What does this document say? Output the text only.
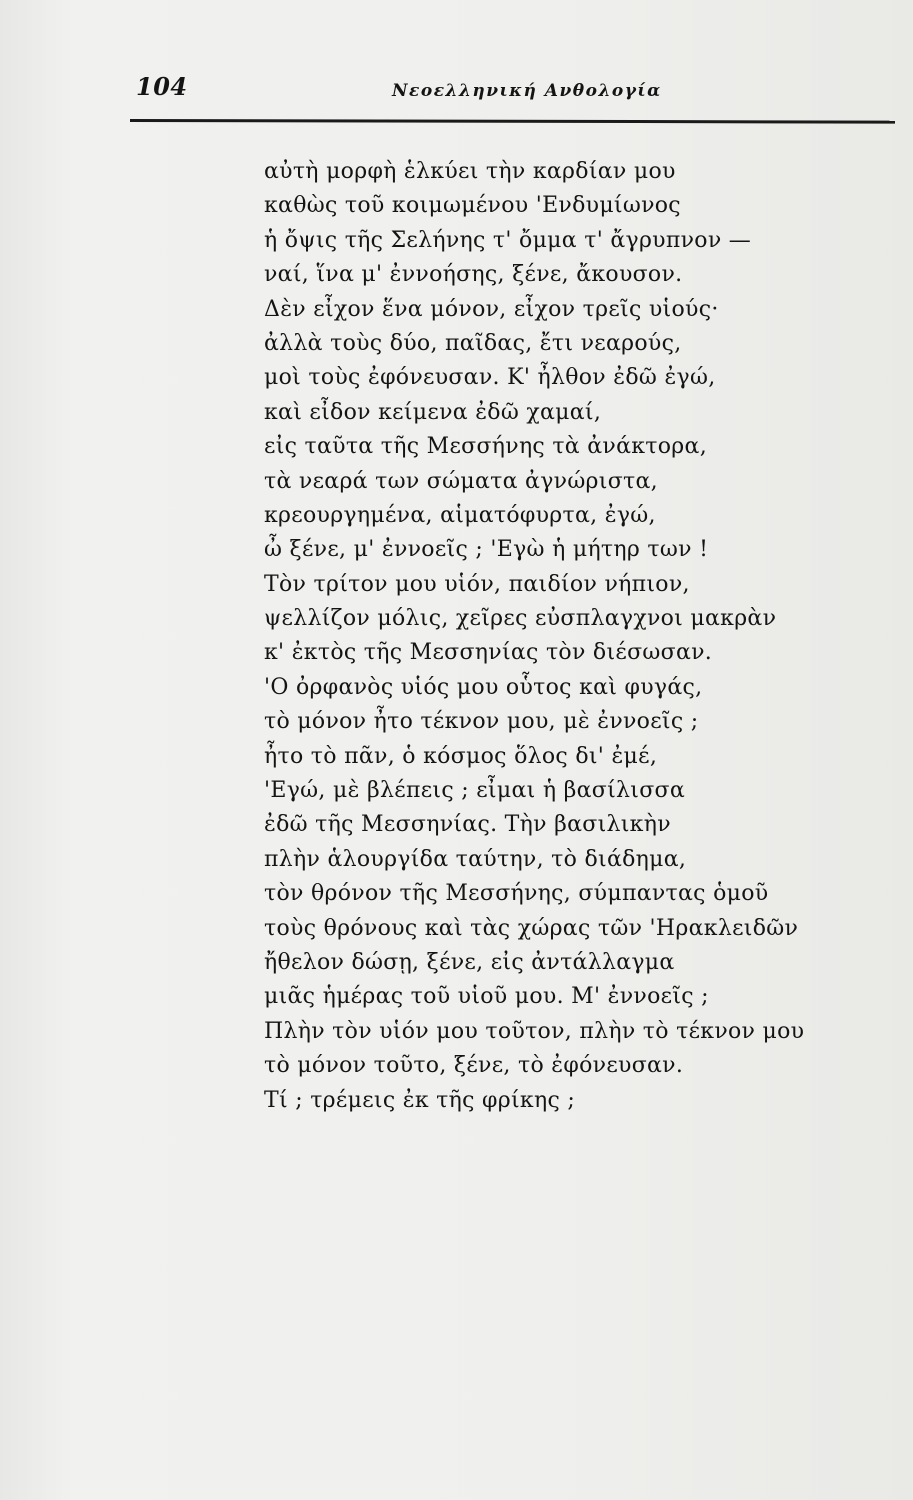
104	Νεοελληνική Ανθολογία
αὐτὴ μορφὴ ἑλκύει τὴν καρδίαν μου
καθὼς τοῦ κοιμωμένου 'Ενδυμίωνος
ἡ ὄψις τῆς Σελήνης τ' ὄμμα τ' ἄγρυπνον —
ναί, ἵνα μ' ἐννοήσης, ξένε, ἄκουσον.
Δὲν εἶχον ἕνα μόνον, εἶχον τρεῖς υἱούς·
ἀλλὰ τοὺς δύο, παῖδας, ἔτι νεαρούς,
μοὶ τοὺς ἐφόνευσαν. Κ' ἦλθον ἐδῶ ἐγώ,
καὶ εἶδον κείμενα ἐδῶ χαμαί,
εἰς ταῦτα τῆς Μεσσήνης τὰ ἀνάκτορα,
τὰ νεαρά των σώματα ἀγνώριστα,
κρεουργημένα, αἱματόφυρτα, ἐγώ,
ὦ ξένε, μ' ἐννοεῖς ; 'Εγὼ ἡ μήτηρ των !
Τὸν τρίτον μου υἱόν, παιδίον νήπιον,
ψελλίζον μόλις, χεῖρες εὐσπλαγχνοι μακρὰν
κ' ἐκτὸς τῆς Μεσσηνίας τὸν διέσωσαν.
'Ο ὀρφανὸς υἱός μου οὗτος καὶ φυγάς,
τὸ μόνον ἦτο τέκνον μου, μὲ ἐννοεῖς ;
ἦτο τὸ πᾶν, ὁ κόσμος ὅλος δι' ἐμέ,
'Εγώ, μὲ βλέπεις ; εἶμαι ἡ βασίλισσα
ἐδῶ τῆς Μεσσηνίας. Τὴν βασιλικὴν
πλὴν ἁλουργίδα ταύτην, τὸ διάδημα,
τὸν θρόνον τῆς Μεσσήνης, σύμπαντας ὁμοῦ
τοὺς θρόνους καὶ τὰς χώρας τῶν 'Ηρακλειδῶν
ἤθελον δώσῃ, ξένε, εἰς ἀντάλλαγμα
μιᾶς ἡμέρας τοῦ υἱοῦ μου. Μ' ἐννοεῖς ;
Πλὴν τὸν υἱόν μου τοῦτον, πλὴν τὸ τέκνον μου
τὸ μόνον τοῦτο, ξένε, τὸ ἐφόνευσαν.
Τί ; τρέμεις ἐκ τῆς φρίκης ;
